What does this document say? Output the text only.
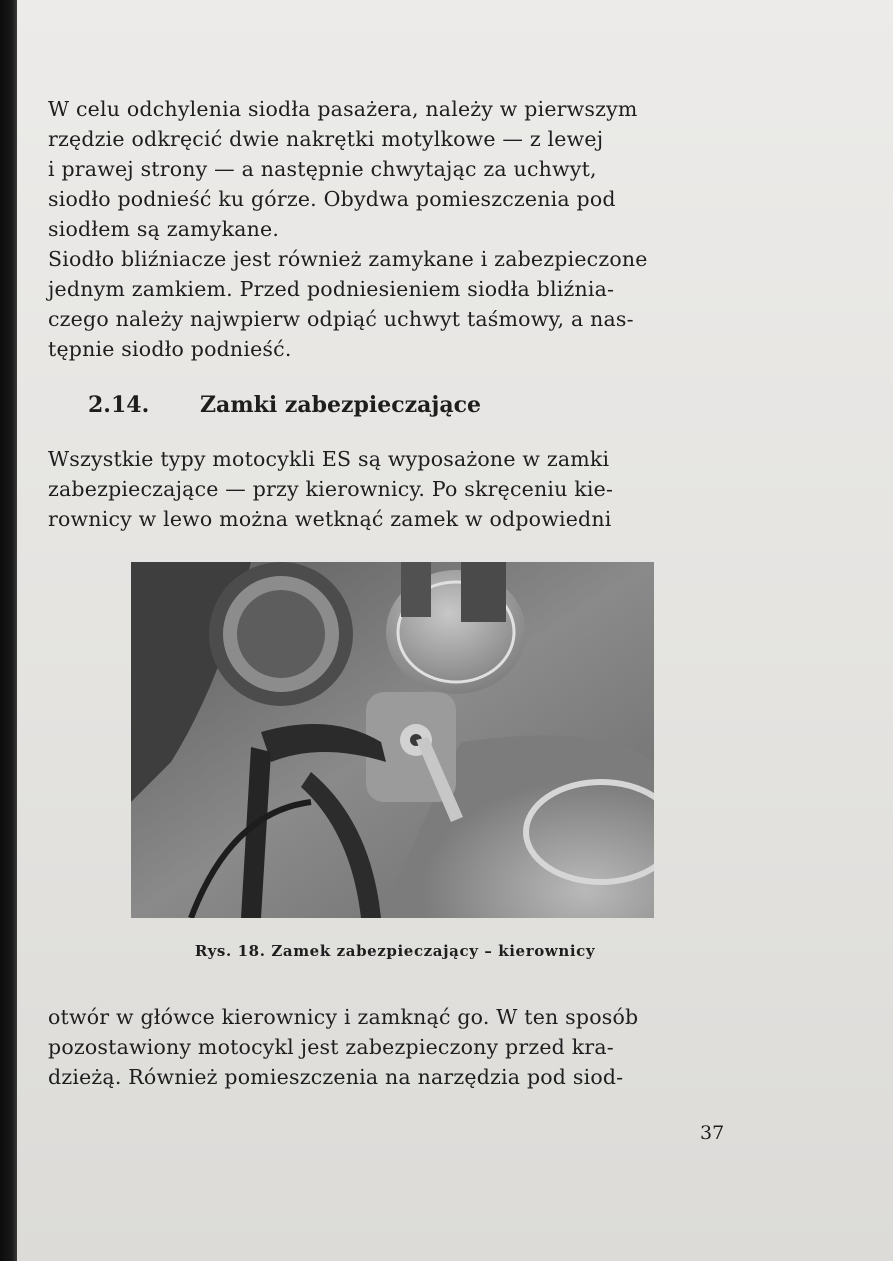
W celu odchylenia siodła pasażera, należy w pierwszym
rzędzie odkręcić dwie nakrętki motylkowe — z lewej
i prawej strony — a następnie chwytając za uchwyt,
siodło podnieść ku górze. Obydwa pomieszczenia pod
siodłem są zamykane.

Siodło bliźniacze jest również zamykane i zabezpieczone
jednym zamkiem. Przed podniesieniem siodła bliźnia-
czego należy najwpierw odpiąć uchwyt taśmowy, a nas-
tępnie siodło podnieść.

2.14. Zamki zabezpieczające

Wszystkie typy motocykli ES są wyposażone w zamki
zabezpieczające — przy kierownicy. Po skręceniu kie-
rownicy w lewo można wetknąć zamek w odpowiedni

Rys. 18. Zamek zabezpieczający – kierownicy

otwór w główce kierownicy i zamknąć go. W ten sposób
pozostawiony motocykl jest zabezpieczony przed kra-
dzieżą. Również pomieszczenia na narzędzia pod siod-

37
